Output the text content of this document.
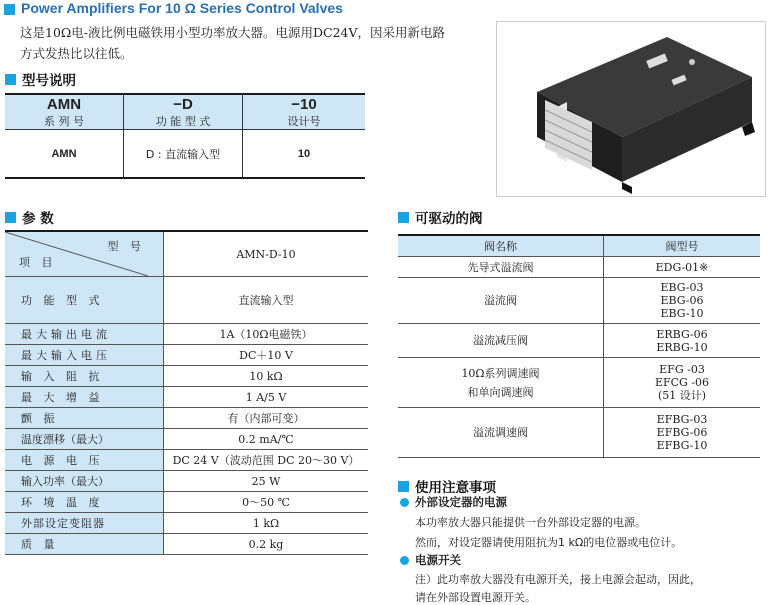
Power Amplifiers For 10 Ω Series Control Valves
这是10Ω电-液比例电磁铁用小型功率放大器。电源用DC24V，因采用新电路
方式发热比以往低。
型号说明
AMN	−D	−10
系 列 号	功 能 型 式	设计号
AMN	D : 直流输入型	10
参 数
型 号
项 目	AMN-D-10
功 能 型 式	直流输入型
最大输出电流	1A（10Ω电磁铁）
最大输入电压	DC＋10 V
输 入 阻 抗	10 kΩ
最 大 增 益	1 A/5 V
颤 振	有（内部可变）
温度漂移（最大）	0.2 mA/℃
电 源 电 压	DC 24 V（波动范围 DC 20～30 V）
输入功率（最大）	25 W
环 境 温 度	0～50 ℃
外部设定变阻器	1 kΩ
质 量	0.2 kg
可驱动的阀
阀名称	阀型号
先导式溢流阀	EDG-01※
溢流阀	EBG-03
EBG-06
EBG-10
溢流减压阀	ERBG-06
ERBG-10
10Ω系列调速阀
和单向调速阀	EFG -03
EFCG -06
(51 设计)
溢流调速阀	EFBG-03
EFBG-06
EFBG-10
使用注意事项
外部设定器的电源
本功率放大器只能提供一台外部设定器的电源。
然而，对设定器请使用阻抗为1 kΩ的电位器或电位计。
电源开关
注）此功率放大器没有电源开关，接上电源会起动，因此，
请在外部设置电源开关。
